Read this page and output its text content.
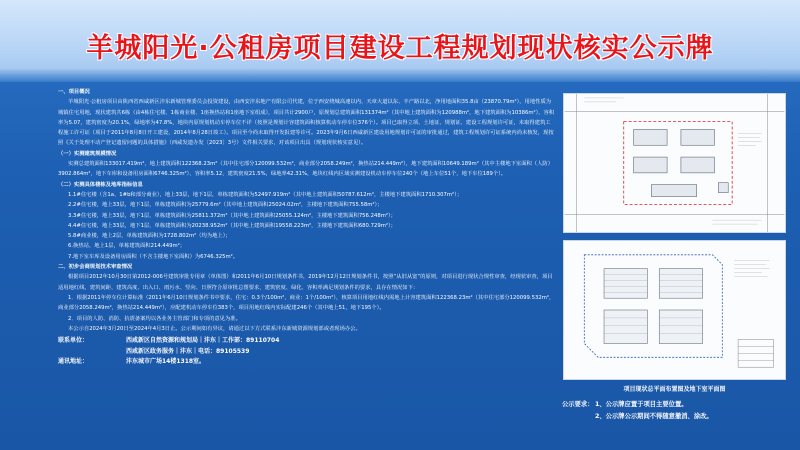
羊城阳光·公租房项目建设工程规划现状核实公示牌

一、项目概况

羊城阳光·公租房项目由陕西省西咸新区沣东新城管理委员会投资建设，由西安沣东地产有限公司代建，位于西安绕城高速以内、天章大道以东、丰产路以北，净用地面积35.8亩（23870.79m²），用地性质为城镇住宅用地，现状建筑共6栋（由4栋住宅楼、1栋商业楼、1座换热站和1座地下室组成），项目共计2900户，原规划总建筑面积131374m²（其中地上建筑面积为120988m²，地下建筑面积为10386m²），容积率为5.07，建筑密度为20.1%，绿地率为47.8%，地块内原规划机动车停车位不详（按照是规划计容建筑面积核算机动车停车位376个）。项目已取得立项、土地证、规划证、建设工程规划许可证，未取得建筑工程施工许可证（项目于2011年8月8日开工建设，2014年8月28日竣工）。项目至今尚未取得开发报建等许可。2023年9月6日西咸新区建设用地规划许可证的审批通过，建筑工程规划许可证系统内尚未核发，现按照《关于处理不动产登记遗留问题的具体措施》（西咸发遗办发〔2023〕3号）文件相关要求，对该项目出具（规划现状核实意见）。

（一）实测建筑规模情况

实测总建筑面积133017.419m²，地上建筑面积122368.23m²（其中住宅部分120099.532m²，商业部分2058.249m²，换热站214.449m²），地下建筑面积10649.189m²（其中主楼地下室面积（人防）3902.864m²，地下车库和设备用房面积6746.325m²），容积率5.12，建筑密度21.5%，绿地率42.31%，地块红线内区域实测建设机动车停车位240个（地上车位51个，地下车位189个）。

（二）实测具体楼栋及地库指标信息

1.1#住宅楼（含1a、1#b和部分商业），地上33层，地下1层，单栋建筑面积为52497.919m²（其中地上建筑面积50787.612m²，主楼地下建筑面积1710.307m²）；

2.2#住宅楼，地上33层，地下1层，单栋建筑面积为25779.6m²（其中地上建筑面积25024.02m²，主楼地下建筑面积755.58m²）；

3.3#住宅楼，地上33层，地下1层，单栋建筑面积为25811.372m²（其中地上建筑面积25055.124m²，主楼地下建筑面积756.248m²）；

4.4#住宅楼，地上33层，地下1层，单栋建筑面积为20238.952m²（其中地上建筑面积19558.223m²，主楼地下建筑面积680.729m²）；

5.8#商业楼，地上2层，单栋建筑面积为1728.802m²（均为地上）；

6.换热站，地上1层，单栋建筑面积214.449m²；

7.地下室车库及设备用房面积（不含主楼地下室面积）为6746.325m²。

二、初步会商规划技术审查情况

根据项目2012年10月30日第2012-006号建筑审批专用章（单体图）和2011年6月10日规划条件书，2019年12月12日规划条件书，按照“从旧从宽”的原则，对项目进行现状合规性审查，经现状审查，项目适用地红线、建筑间距、建筑高度、出入口、雨污水、竖向、日照符合原审批总图要求，建筑密度、绿化、容积率满足规划条件的要求，具存在情况如下：

1．根据2011年停车位计算标准（2011年6月10日规划条件书中要求，住宅：0.3个/100m²，商业：1个/100m²），核算项目用地红线内需地上计容建筑面积122368.23m²（其中住宅部分120099.532m²，商业部分2058.249m²，换热站214.449m²），应配建机动车停车位383个，项目用地红线内实际配建246个（其中地上51，地下195个）。

2．项目的人防、消防、抗震备案均以各业务主管部门和专项的意见为准。

本公示自2024年3月20日至2024年4月3日止。公示期间如有异议，请通过以下方式联系沣东新城资源规划部或者现场办公。

联系单位：	西咸新区自然资源和规划局｜沣东｜工作部：89110704
西咸新区政务服务｜沣东｜电话：89105539
通讯地址：	沣东城市广场14楼1318室。
项目现状总平面布置图及地下室平面图
公示要求： 1、公示牌应置于项目主要位置。
2、公示牌公示期间不得随意撤消、涂改。
